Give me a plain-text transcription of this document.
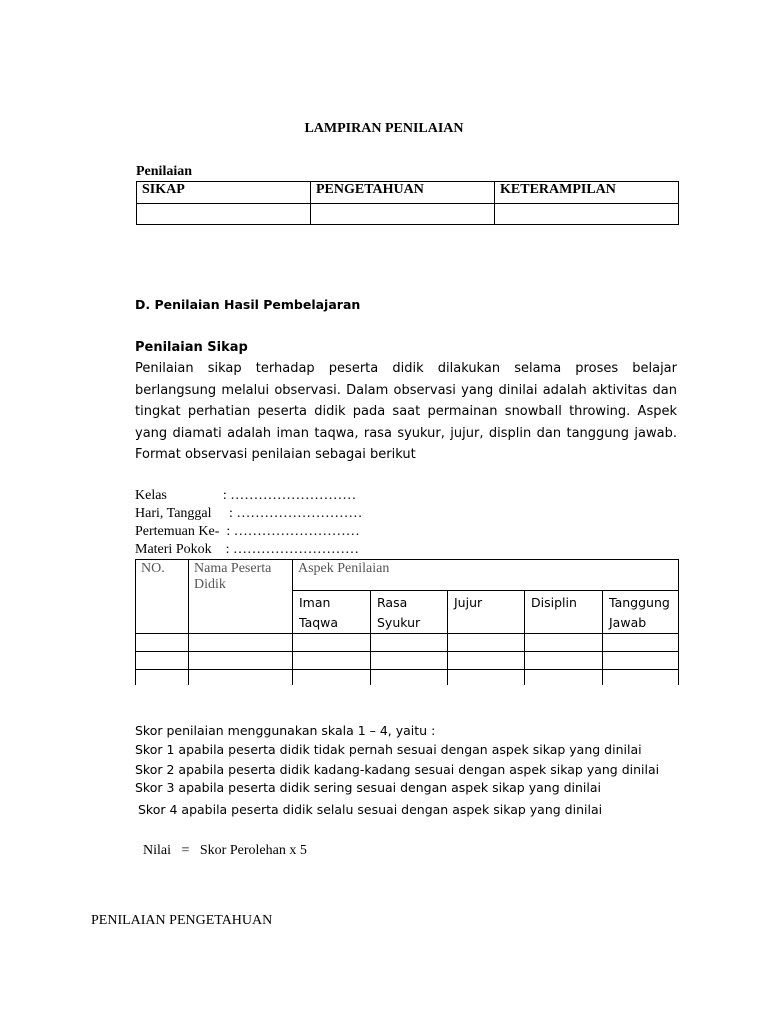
LAMPIRAN PENILAIAN
Penilaian
SIKAP	PENGETAHUAN	KETERAMPILAN

D. Penilaian Hasil Pembelajaran
Penilaian Sikap
Penilaian sikap terhadap peserta didik dilakukan selama proses belajar berlangsung melalui observasi. Dalam observasi yang dinilai adalah aktivitas dan tingkat perhatian peserta didik pada saat permainan snowball throwing. Aspek yang diamati adalah iman taqwa, rasa syukur, jujur, displin dan tanggung jawab. Format observasi penilaian sebagai berikut
Kelas                : ………………………
Hari, Tanggal     : ………………………
Pertemuan Ke-  : ………………………
Materi Pokok    : ………………………
NO.	Nama Peserta Didik	Aspek Penilaian				
		Iman Taqwa	Rasa Syukur	Jujur	Disiplin	Tanggung Jawab

Skor penilaian menggunakan skala 1 – 4, yaitu :
Skor 1 apabila peserta didik tidak pernah sesuai dengan aspek sikap yang dinilai
Skor 2 apabila peserta didik kadang-kadang sesuai dengan aspek sikap yang dinilai
Skor 3 apabila peserta didik sering sesuai dengan aspek sikap yang dinilai
Skor 4 apabila peserta didik selalu sesuai dengan aspek sikap yang dinilai
Nilai   =   Skor Perolehan x 5
PENILAIAN PENGETAHUAN
